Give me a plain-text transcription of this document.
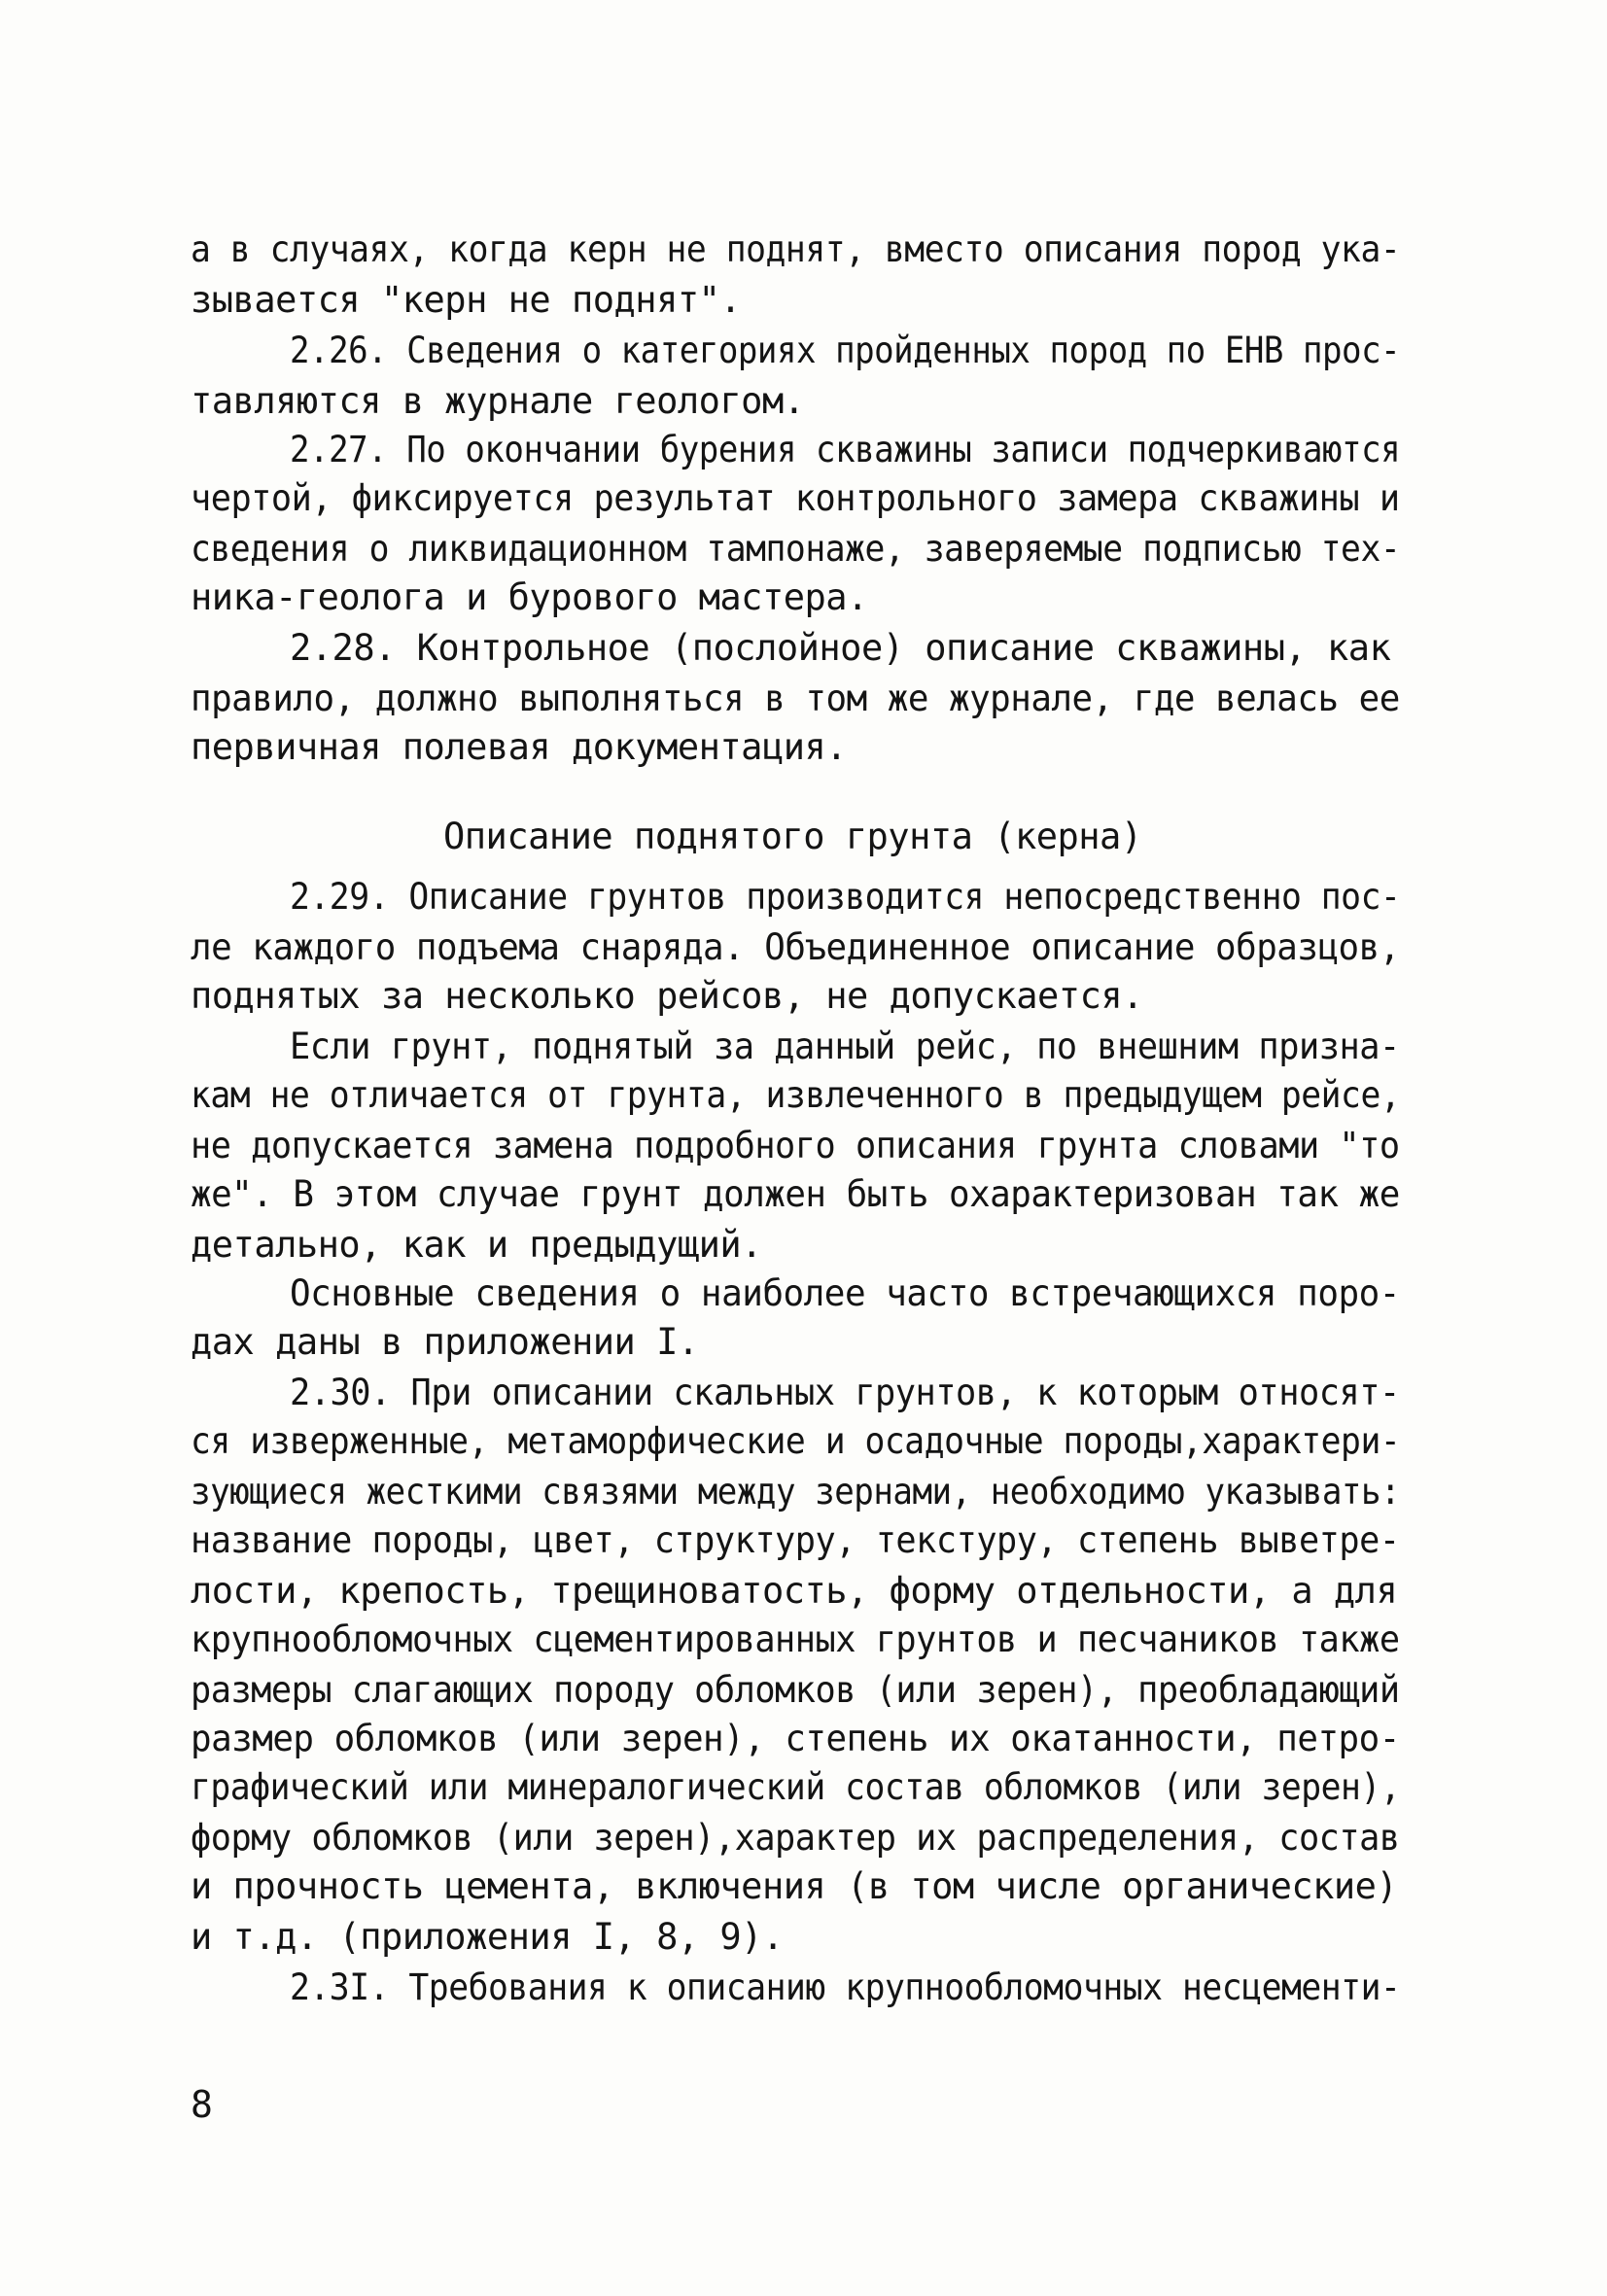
а в случаях, когда керн не поднят, вместо описания пород ука-
зывается "керн не поднят".
2.26. Сведения о категориях пройденных пород по ЕНВ прос-
тавляются в журнале геологом.
2.27. По окончании бурения скважины записи подчеркиваются
чертой, фиксируется результат контрольного замера скважины и
сведения о ликвидационном тампонаже, заверяемые подписью тех-
ника-геолога и бурового мастера.
2.28. Контрольное (послойное) описание скважины, как
правило, должно выполняться в том же журнале, где велась ее
первичная полевая документация.
Описание поднятого грунта (керна)
2.29. Описание грунтов производится непосредственно пос-
ле каждого подъема снаряда. Объединенное описание образцов,
поднятых за несколько рейсов, не допускается.
Если грунт, поднятый за данный рейс, по внешним призна-
кам не отличается от грунта, извлеченного в предыдущем рейсе,
не допускается замена подробного описания грунта словами "то
же". В этом случае грунт должен быть охарактеризован так же
детально, как и предыдущий.
Основные сведения о наиболее часто встречающихся поро-
дах даны в приложении I.
2.30. При описании скальных грунтов, к которым относят-
ся изверженные, метаморфические и осадочные породы,характери-
зующиеся жесткими связями между зернами, необходимо указывать:
название породы, цвет, структуру, текстуру, степень выветре-
лости, крепость, трещиноватость, форму отдельности, а для
крупнообломочных сцементированных грунтов и песчаников также
размеры слагающих породу обломков (или зерен), преобладающий
размер обломков (или зерен), степень их окатанности, петро-
графический или минералогический состав обломков (или зерен),
форму обломков (или зерен),характер их распределения, состав
и прочность цемента, включения (в том числе органические)
и т.д. (приложения I, 8, 9).
2.3I. Требования к описанию крупнообломочных несцементи-
8
